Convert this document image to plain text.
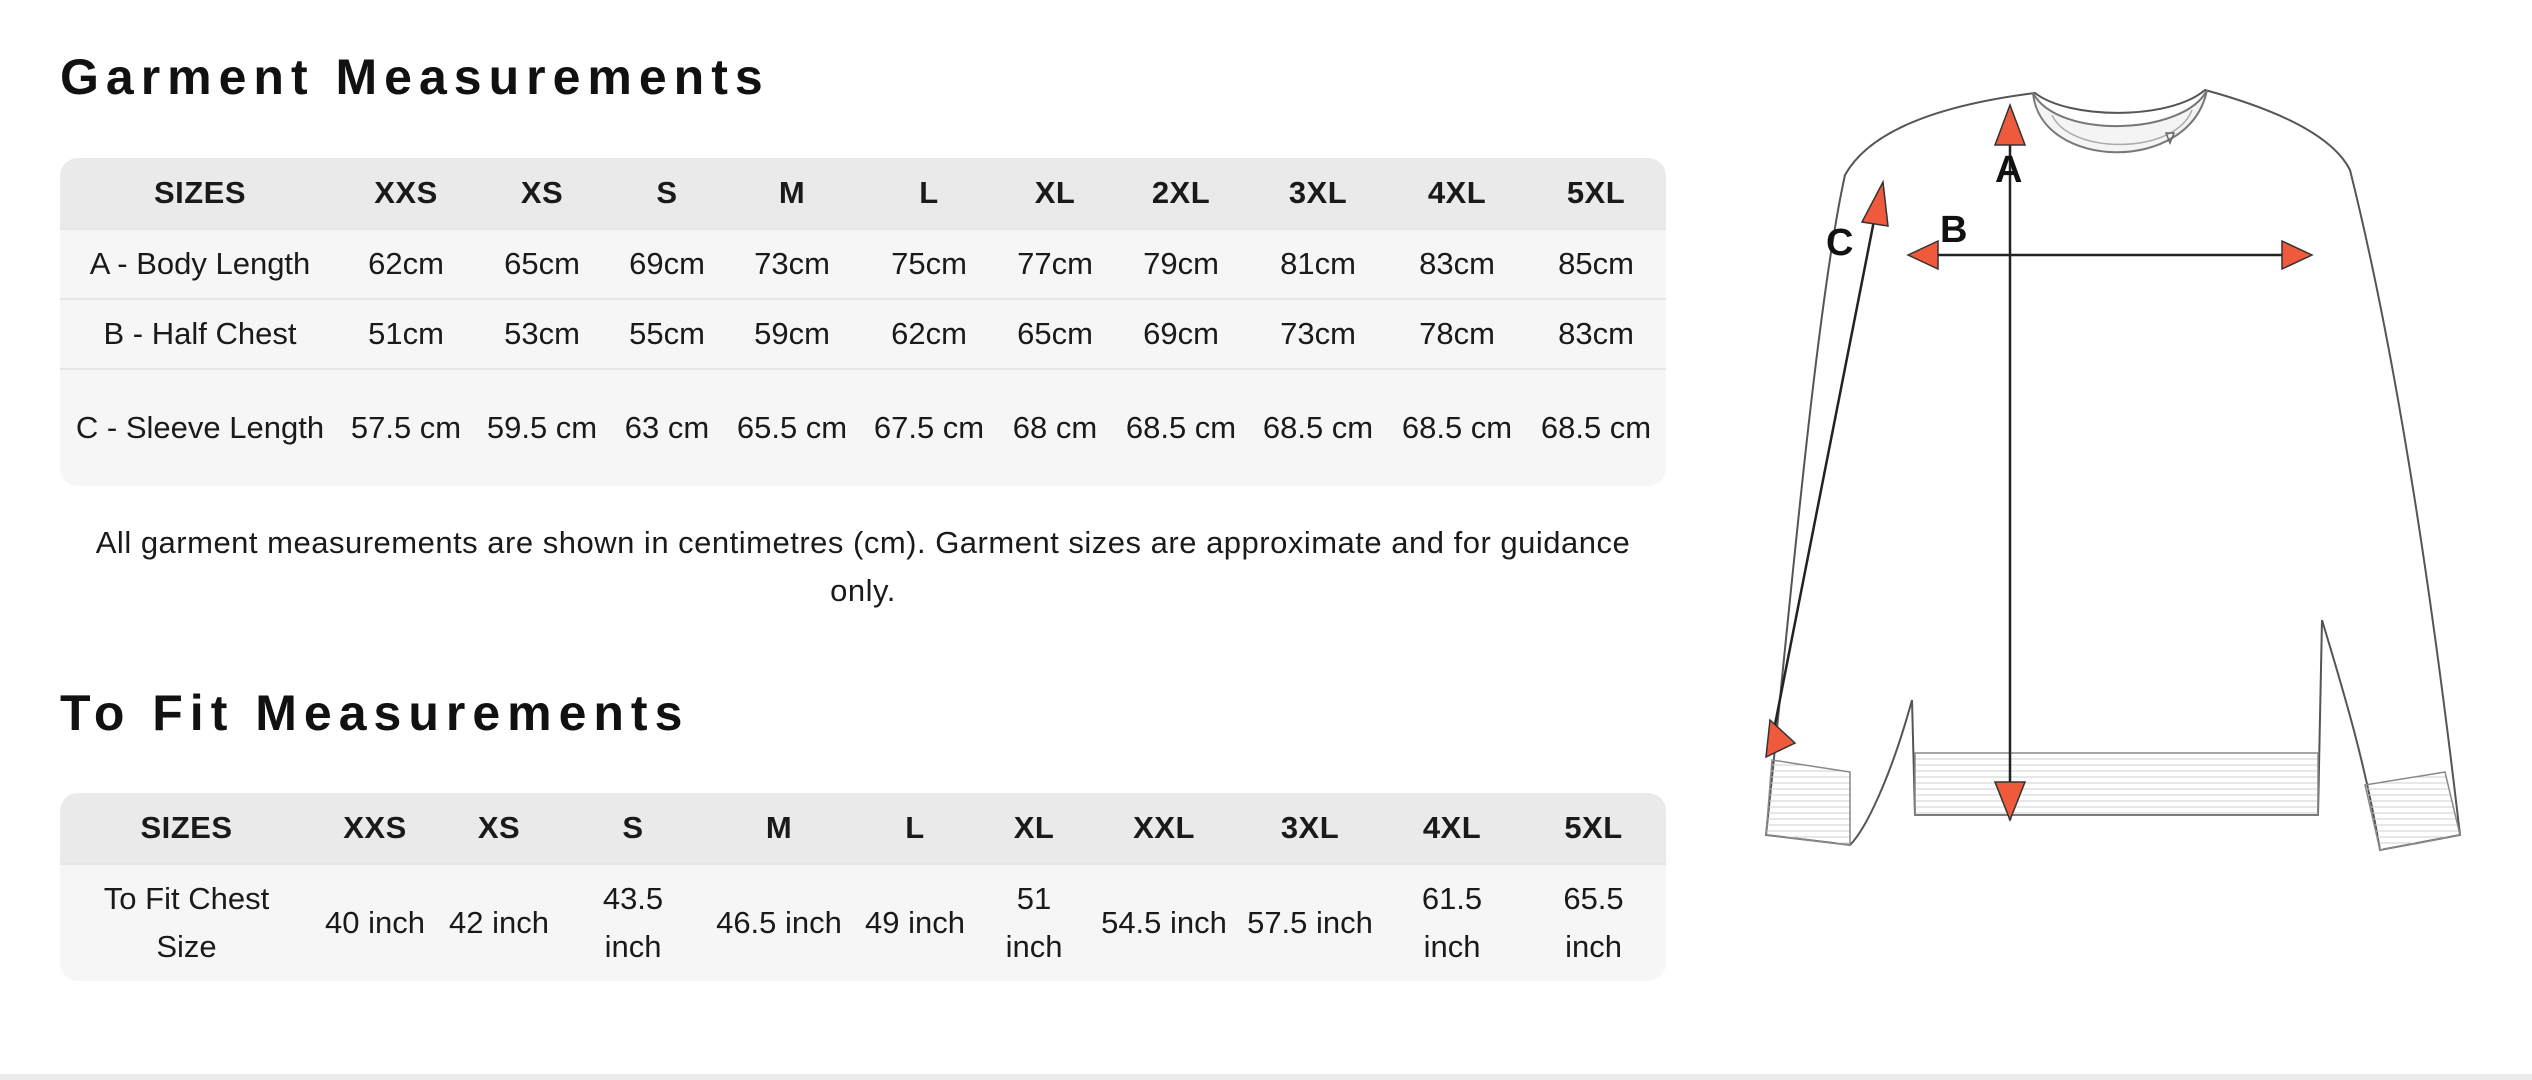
Garment Measurements
SIZES	XXS	XS	S	M	L	XL	2XL	3XL	4XL	5XL
A - Body Length	62cm	65cm	69cm	73cm	75cm	77cm	79cm	81cm	83cm	85cm
B - Half Chest	51cm	53cm	55cm	59cm	62cm	65cm	69cm	73cm	78cm	83cm
C - Sleeve Length	57.5 cm	59.5 cm	63 cm	65.5 cm	67.5 cm	68 cm	68.5 cm	68.5 cm	68.5 cm	68.5 cm

All garment measurements are shown in centimetres (cm). Garment sizes are approximate and for guidance only.

To Fit Measurements
SIZES	XXS	XS	S	M	L	XL	XXL	3XL	4XL	5XL
To Fit Chest Size	40 inch	42 inch	43.5 inch	46.5 inch	49 inch	51 inch	54.5 inch	57.5 inch	61.5 inch	65.5 inch
A
B
C
